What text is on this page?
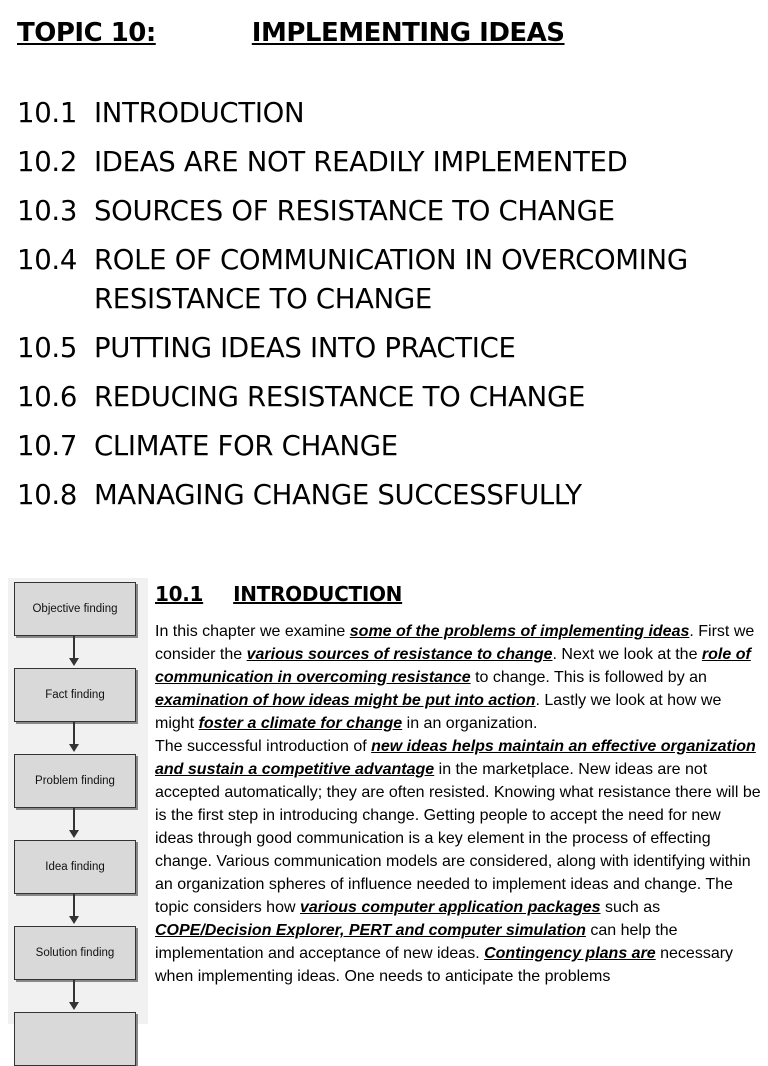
TOPIC 10:	IMPLEMENTING IDEAS
10.1 INTRODUCTION
10.2 IDEAS ARE NOT READILY IMPLEMENTED
10.3 SOURCES OF RESISTANCE TO CHANGE
10.4 ROLE OF COMMUNICATION IN OVERCOMING RESISTANCE TO CHANGE
10.5 PUTTING IDEAS INTO PRACTICE
10.6 REDUCING RESISTANCE TO CHANGE
10.7 CLIMATE FOR CHANGE
10.8 MANAGING CHANGE SUCCESSFULLY
Objective finding
Fact finding
Problem finding
Idea finding
Solution finding
10.1 INTRODUCTION

In this chapter we examine some of the problems of implementing ideas. First we consider the various sources of resistance to change. Next we look at the role of communication in overcoming resistance to change. This is followed by an examination of how ideas might be put into action. Lastly we look at how we might foster a climate for change in an organization.

The successful introduction of new ideas helps maintain an effective organization and sustain a competitive advantage in the marketplace. New ideas are not accepted automatically; they are often resisted. Knowing what resistance there will be is the first step in introducing change. Getting people to accept the need for new ideas through good communication is a key element in the process of effecting change. Various communication models are considered, along with identifying within an organization spheres of influence needed to implement ideas and change. The topic considers how various computer application packages such as COPE/Decision Explorer, PERT and computer simulation can help the implementation and acceptance of new ideas. Contingency plans are necessary when implementing ideas. One needs to anticipate the problems
